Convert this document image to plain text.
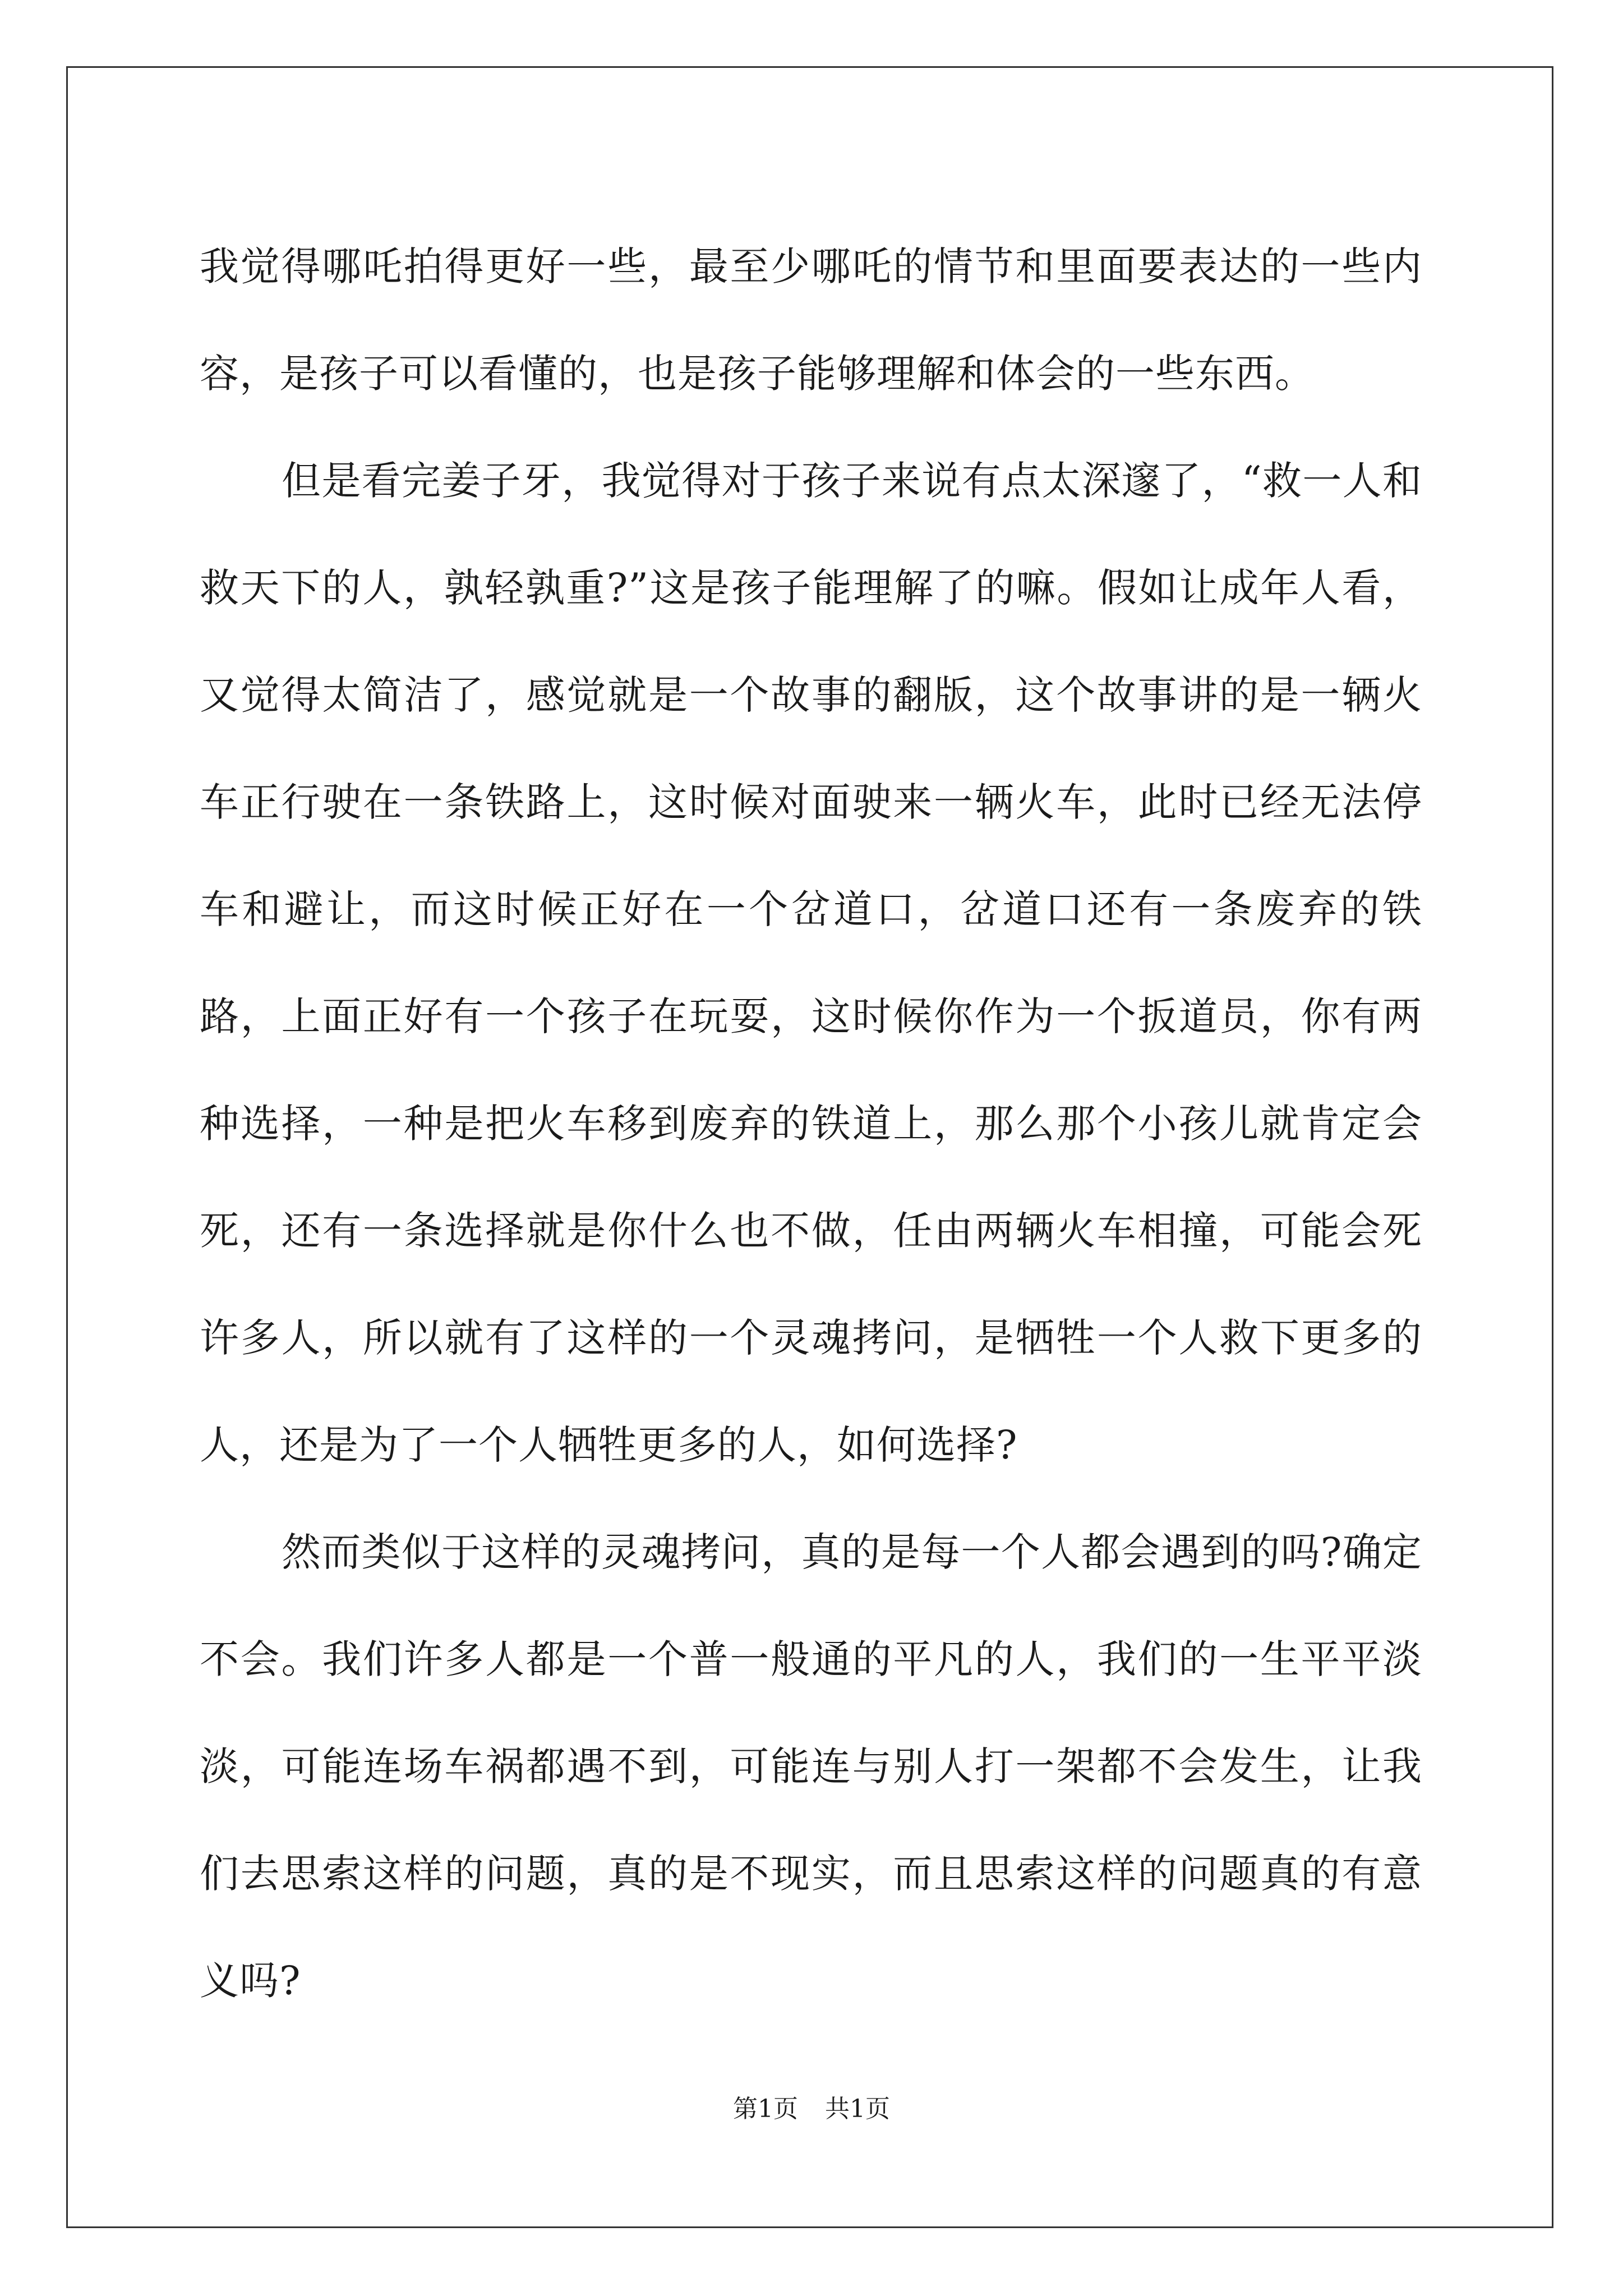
我觉得哪吒拍得更好一些，最至少哪吒的情节和里面要表达的一些内容，是孩子可以看懂的，也是孩子能够理解和体会的一些东西。

但是看完姜子牙，我觉得对于孩子来说有点太深邃了，“救一人和救天下的人，孰轻孰重?”这是孩子能理解了的嘛。假如让成年人看，又觉得太简洁了，感觉就是一个故事的翻版，这个故事讲的是一辆火车正行驶在一条铁路上，这时候对面驶来一辆火车，此时已经无法停车和避让，而这时候正好在一个岔道口，岔道口还有一条废弃的铁路，上面正好有一个孩子在玩耍，这时候你作为一个扳道员，你有两种选择，一种是把火车移到废弃的铁道上，那么那个小孩儿就肯定会死，还有一条选择就是你什么也不做，任由两辆火车相撞，可能会死许多人，所以就有了这样的一个灵魂拷问，是牺牲一个人救下更多的人，还是为了一个人牺牲更多的人，如何选择?

然而类似于这样的灵魂拷问，真的是每一个人都会遇到的吗?确定不会。我们许多人都是一个普一般通的平凡的人，我们的一生平平淡淡，可能连场车祸都遇不到，可能连与别人打一架都不会发生，让我们去思索这样的问题，真的是不现实，而且思索这样的问题真的有意义吗?

第1页 共1页
